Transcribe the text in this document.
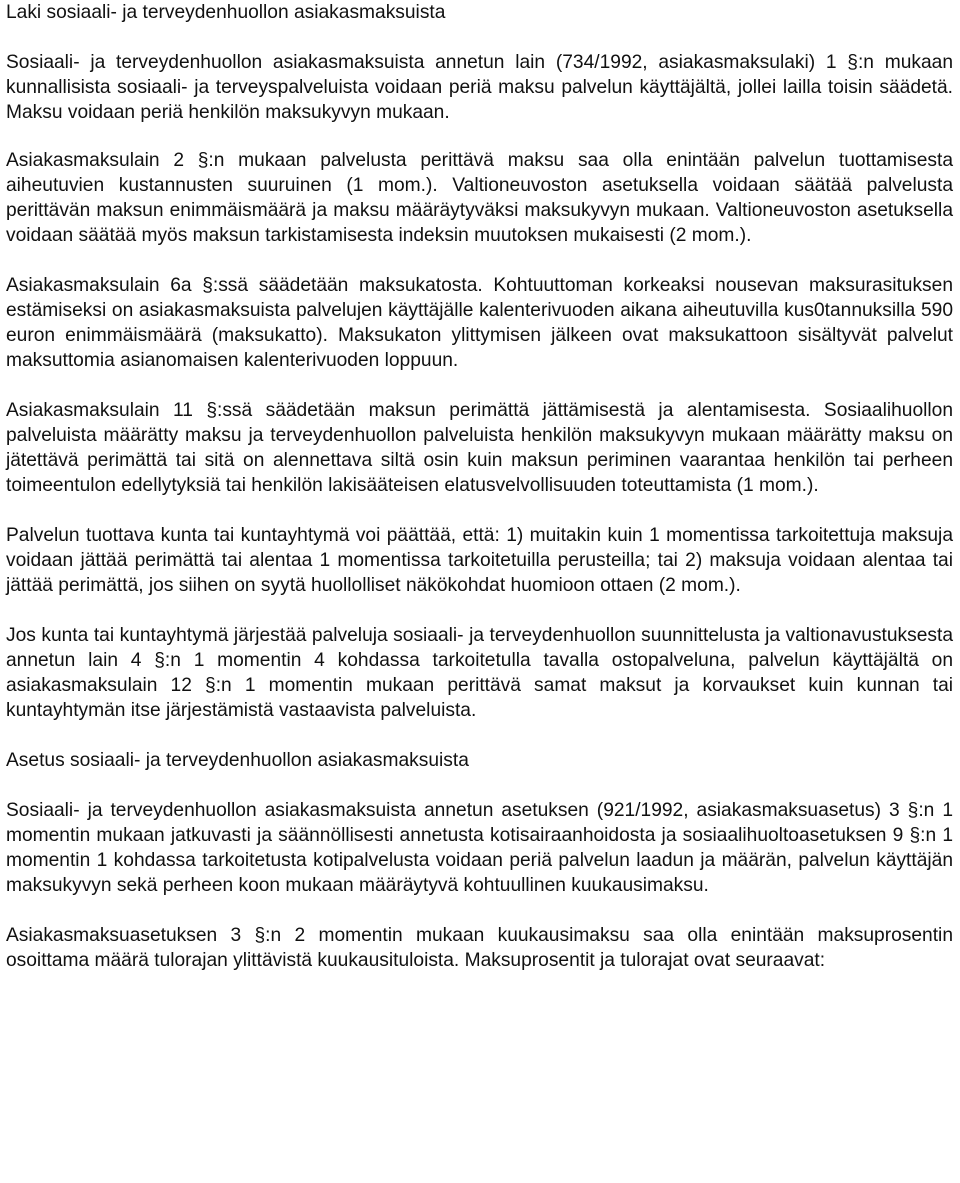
Laki sosiaali- ja terveydenhuollon asiakasmaksuista

Sosiaali- ja terveydenhuollon asiakasmaksuista annetun lain (734/1992, asiakasmaksulaki) 1 §:n mukaan kunnallisista sosiaali- ja terveyspalveluista voidaan periä maksu palvelun käyttäjältä, jollei lailla toisin säädetä. Maksu voidaan periä henkilön maksukyvyn mukaan.

Asiakasmaksulain 2 §:n mukaan palvelusta perittävä maksu saa olla enintään palvelun tuottamisesta aiheutuvien kustannusten suuruinen (1 mom.). Valtioneuvoston asetuksella voidaan säätää palvelusta perittävän maksun enimmäismäärä ja maksu määräytyväksi maksukyvyn mukaan. Valtioneuvoston asetuksella voidaan säätää myös maksun tarkistamisesta indeksin muutoksen mukaisesti (2 mom.).

Asiakasmaksulain 6a §:ssä säädetään maksukatosta. Kohtuuttoman korkeaksi nousevan maksurasituksen estämiseksi on asiakasmaksuista palvelujen käyttäjälle kalenterivuoden aikana aiheutuvilla kus0tannuksilla 590 euron enimmäismäärä (maksukatto). Maksukaton ylittymisen jälkeen ovat maksukattoon sisältyvät palvelut maksuttomia asianomaisen kalenterivuoden loppuun.

Asiakasmaksulain 11 §:ssä säädetään maksun perimättä jättämisestä ja alentamisesta. Sosiaalihuollon palveluista määrätty maksu ja terveydenhuollon palveluista henkilön maksukyvyn mukaan määrätty maksu on jätettävä perimättä tai sitä on alennettava siltä osin kuin maksun periminen vaarantaa henkilön tai perheen toimeentulon edellytyksiä tai henkilön lakisääteisen elatusvelvollisuuden toteuttamista (1 mom.).

Palvelun tuottava kunta tai kuntayhtymä voi päättää, että: 1) muitakin kuin 1 momentissa tarkoitettuja maksuja voidaan jättää perimättä tai alentaa 1 momentissa tarkoitetuilla perusteilla; tai 2) maksuja voidaan alentaa tai jättää perimättä, jos siihen on syytä huollolliset näkökohdat huomioon ottaen (2 mom.).

Jos kunta tai kuntayhtymä järjestää palveluja sosiaali- ja terveydenhuollon suunnittelusta ja valtionavustuksesta annetun lain 4 §:n 1 momentin 4 kohdassa tarkoitetulla tavalla ostopalveluna, palvelun käyttäjältä on asiakasmaksulain 12 §:n 1 momentin mukaan perittävä samat maksut ja korvaukset kuin kunnan tai kuntayhtymän itse järjestämistä vastaavista palveluista.

Asetus sosiaali- ja terveydenhuollon asiakasmaksuista

Sosiaali- ja terveydenhuollon asiakasmaksuista annetun asetuksen (921/1992, asiakasmaksuasetus) 3 §:n 1 momentin mukaan jatkuvasti ja säännöllisesti annetusta kotisairaanhoidosta ja sosiaalihuoltoasetuksen 9 §:n 1 momentin 1 kohdassa tarkoitetusta kotipalvelusta voidaan periä palvelun laadun ja määrän, palvelun käyttäjän maksukyvyn sekä perheen koon mukaan määräytyvä kohtuullinen kuukausimaksu.

Asiakasmaksuasetuksen 3 §:n 2 momentin mukaan kuukausimaksu saa olla enintään maksuprosentin osoittama määrä tulorajan ylittävistä kuukausituloista. Maksuprosentit ja tulorajat ovat seuraavat:
